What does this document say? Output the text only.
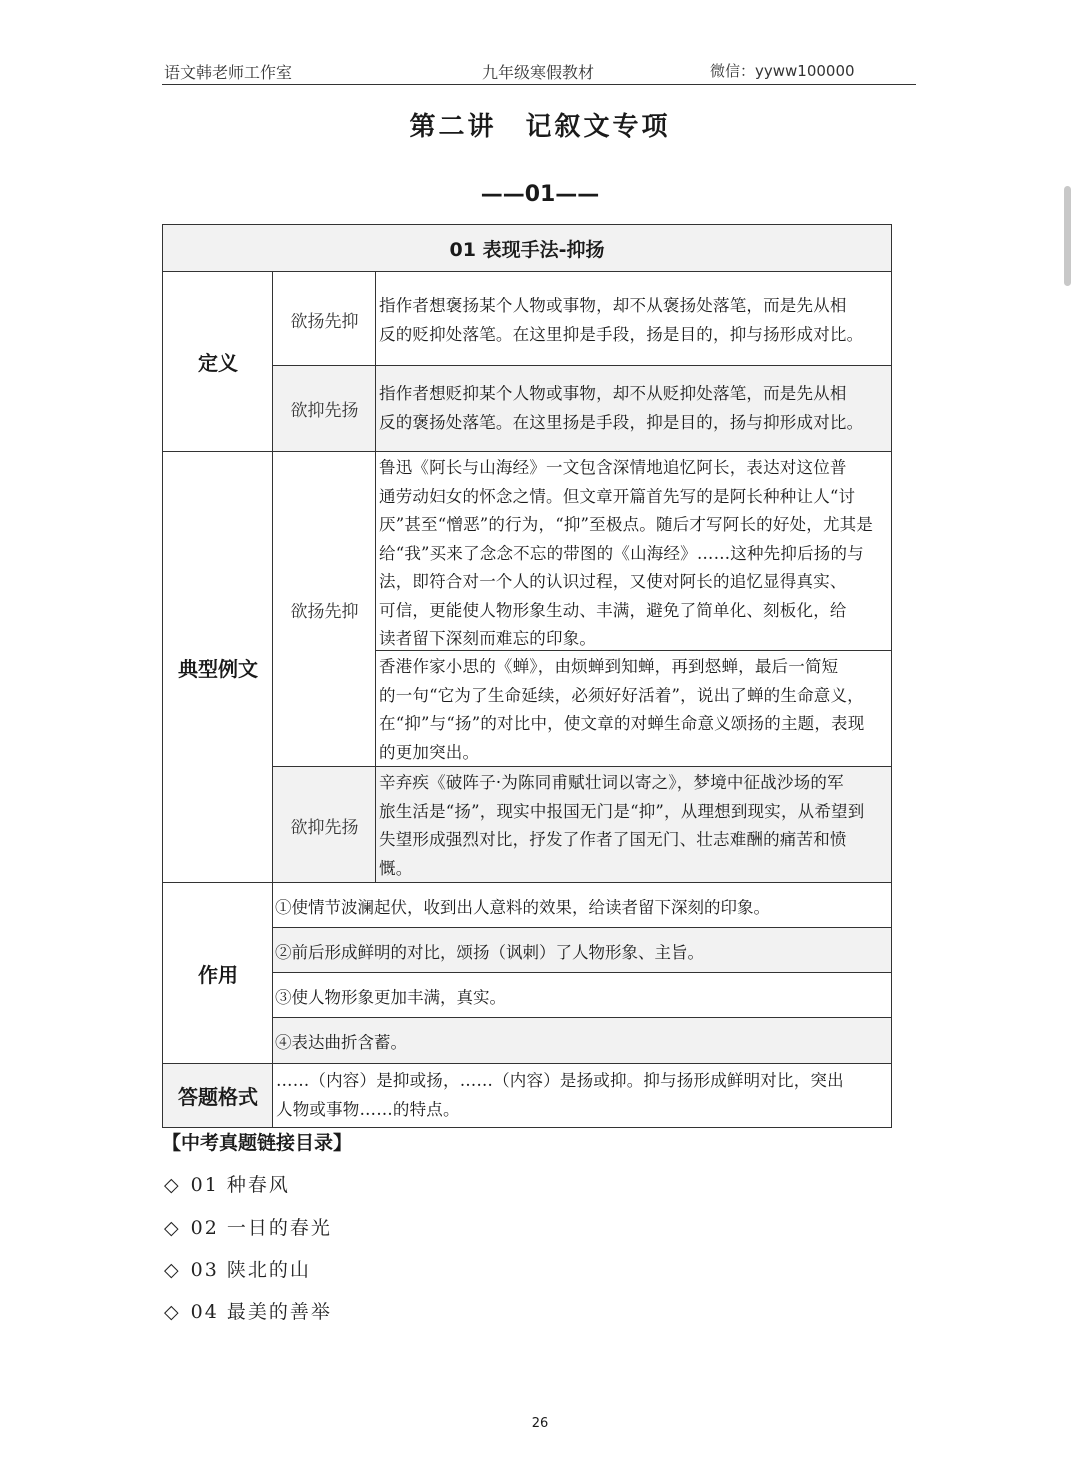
语文韩老师工作室	九年级寒假教材	微信：yyww100000
第二讲　记叙文专项
——01——
01 表现手法-抑扬
定义
欲扬先抑
指作者想褒扬某个人物或事物，却不从褒扬处落笔，而是先从相
反的贬抑处落笔。在这里抑是手段，扬是目的，抑与扬形成对比。
欲抑先扬
指作者想贬抑某个人物或事物，却不从贬抑处落笔，而是先从相
反的褒扬处落笔。在这里扬是手段，抑是目的，扬与抑形成对比。
典型例文
欲扬先抑
鲁迅《阿长与山海经》一文包含深情地追忆阿长，表达对这位普
通劳动妇女的怀念之情。但文章开篇首先写的是阿长种种让人“讨
厌”甚至“憎恶”的行为，“抑”至极点。随后才写阿长的好处，尤其是
给“我”买来了念念不忘的带图的《山海经》……这种先抑后扬的与
法，即符合对一个人的认识过程，又使对阿长的追忆显得真实、
可信，更能使人物形象生动、丰满，避免了简单化、刻板化，给
读者留下深刻而难忘的印象。
香港作家小思的《蝉》，由烦蝉到知蝉，再到惄蝉，最后一简短
的一句“它为了生命延续，必须好好活着”，说出了蝉的生命意义，
在“抑”与“扬”的对比中，使文章的对蝉生命意义颂扬的主题，表现
的更加突出。
欲抑先扬
辛弃疾《破阵子·为陈同甫赋壮词以寄之》，梦境中征战沙场的军
旅生活是“扬”，现实中报国无门是“抑”，从理想到现实，从希望到
失望形成强烈对比，抒发了作者了国无门、壮志难酬的痛苦和愤
慨。
作用
①使情节波澜起伏，收到出人意料的效果，给读者留下深刻的印象。
②前后形成鲜明的对比，颂扬（讽刺）了人物形象、主旨。
③使人物形象更加丰满，真实。
④表达曲折含蓄。
答题格式
……（内容）是抑或扬，……（内容）是扬或抑。抑与扬形成鲜明对比，突出
人物或事物……的特点。
【中考真题链接目录】
◇ 01 种春风
◇ 02 一日的春光
◇ 03 陕北的山
◇ 04 最美的善举
26
